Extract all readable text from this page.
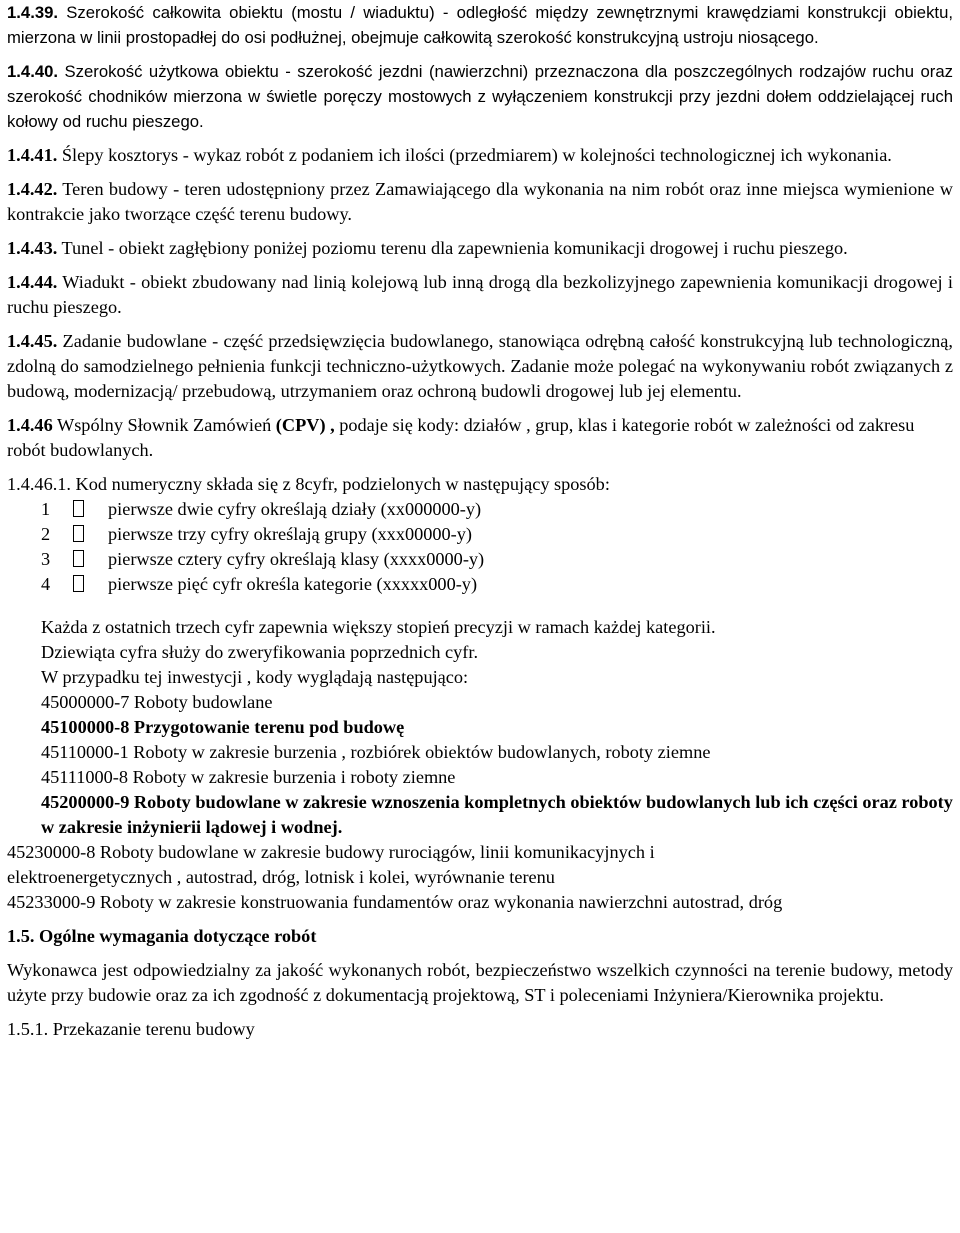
1.4.39. Szerokość całkowita obiektu (mostu / wiaduktu) - odległość między zewnętrznymi krawędziami konstrukcji obiektu, mierzona w linii prostopadłej do osi podłużnej, obejmuje całkowitą szerokość konstrukcyjną ustroju niosącego.

1.4.40. Szerokość użytkowa obiektu - szerokość jezdni (nawierzchni) przeznaczona dla poszczególnych rodzajów ruchu oraz szerokość chodników mierzona w świetle poręczy mostowych z wyłączeniem konstrukcji przy jezdni dołem oddzielającej ruch kołowy od ruchu pieszego.

1.4.41. Ślepy kosztorys - wykaz robót z podaniem ich ilości (przedmiarem) w kolejności technologicznej ich wykonania.

1.4.42. Teren budowy - teren udostępniony przez Zamawiającego dla wykonania na nim robót oraz inne miejsca wymienione w kontrakcie jako tworzące część terenu budowy.

1.4.43. Tunel - obiekt zagłębiony poniżej poziomu terenu dla zapewnienia komunikacji drogowej i ruchu pieszego.

1.4.44. Wiadukt - obiekt zbudowany nad linią kolejową lub inną drogą dla bezkolizyjnego zapewnienia komunikacji drogowej i ruchu pieszego.

1.4.45. Zadanie budowlane - część przedsięwzięcia budowlanego, stanowiąca odrębną całość konstrukcyjną lub technologiczną, zdolną do samodzielnego pełnienia funkcji techniczno-użytkowych. Zadanie może polegać na wykonywaniu robót związanych z budową, modernizacją/ przebudową, utrzymaniem oraz ochroną budowli drogowej lub jej elementu.

1.4.46 Wspólny Słownik Zamówień (CPV) , podaje się kody: działów , grup, klas i kategorie robót w zależności od zakresu robót budowlanych.

1.4.46.1. Kod numeryczny składa się z 8cyfr, podzielonych w następujący sposób:

1	pierwsze dwie cyfry określają działy (xx000000-y)
2	pierwsze trzy cyfry określają grupy (xxx00000-y)
3	pierwsze cztery cyfry określają klasy (xxxx0000-y)
4	pierwsze pięć cyfr określa kategorie (xxxxx000-y)

Każda z ostatnich trzech cyfr zapewnia większy stopień precyzji w ramach każdej kategorii.

Dziewiąta cyfra służy do zweryfikowania poprzednich cyfr.

W przypadku tej inwestycji , kody wyglądają następująco:

45000000-7 Roboty budowlane

45100000-8 Przygotowanie terenu pod budowę

45110000-1 Roboty w zakresie burzenia , rozbiórek obiektów budowlanych, roboty ziemne

45111000-8 Roboty w zakresie burzenia i roboty ziemne

45200000-9 Roboty budowlane w zakresie wznoszenia kompletnych obiektów budowlanych lub ich części oraz roboty w zakresie inżynierii lądowej i wodnej.

45230000-8 Roboty budowlane w zakresie budowy rurociągów, linii komunikacyjnych i elektroenergetycznych , autostrad, dróg, lotnisk i kolei, wyrównanie terenu

45233000-9 Roboty w zakresie konstruowania fundamentów oraz wykonania nawierzchni autostrad, dróg

1.5. Ogólne wymagania dotyczące robót

Wykonawca jest odpowiedzialny za jakość wykonanych robót, bezpieczeństwo wszelkich czynności na terenie budowy, metody użyte przy budowie oraz za ich zgodność z dokumentacją projektową, ST i poleceniami Inżyniera/Kierownika projektu.

1.5.1. Przekazanie terenu budowy
